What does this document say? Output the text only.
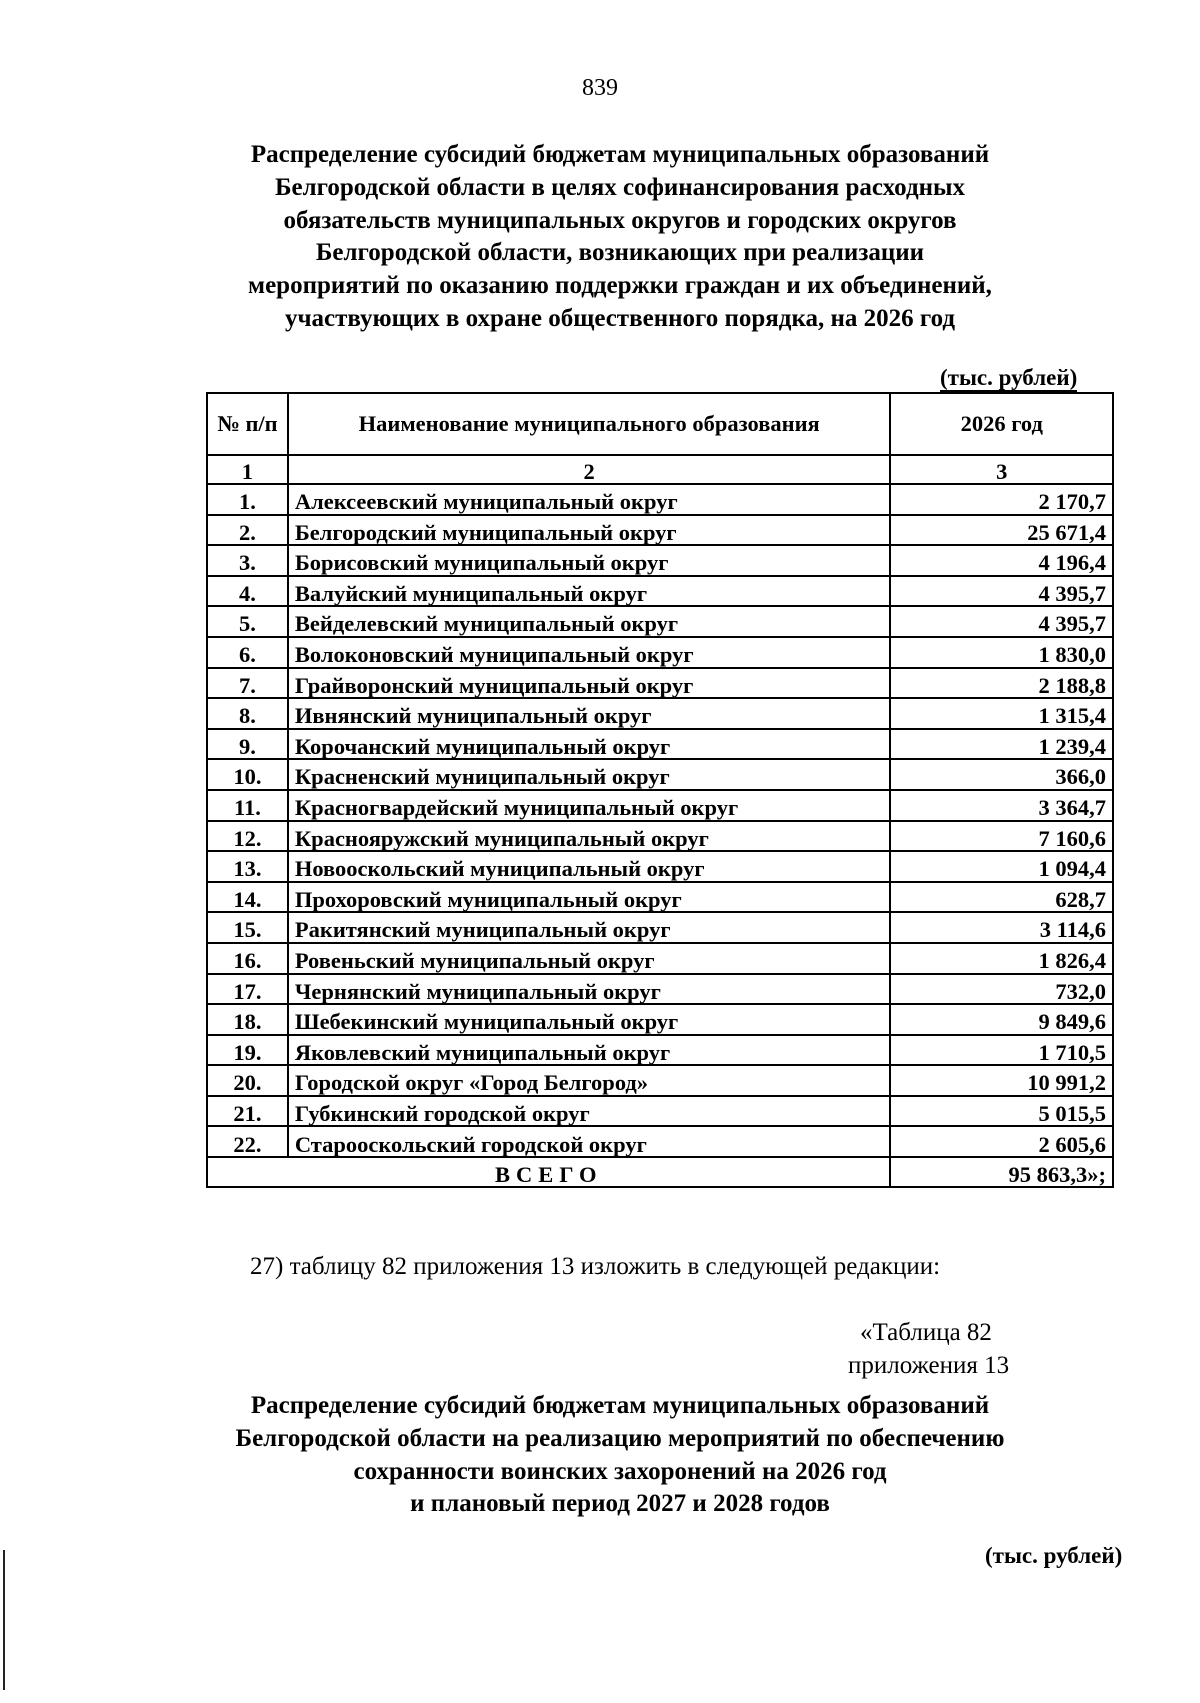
839
Распределение субсидий бюджетам муниципальных образований
Белгородской области в целях софинансирования расходных
обязательств муниципальных округов и городских округов
Белгородской области, возникающих при реализации
мероприятий по оказанию поддержки граждан и их объединений,
участвующих в охране общественного порядка, на 2026 год
(тыс. рублей)
№ п/п	Наименование муниципального образования	2026 год
1	2	3
1.	Алексеевский муниципальный округ	2 170,7
2.	Белгородский муниципальный округ	25 671,4
3.	Борисовский муниципальный округ	4 196,4
4.	Валуйский муниципальный округ	4 395,7
5.	Вейделевский муниципальный округ	4 395,7
6.	Волоконовский муниципальный округ	1 830,0
7.	Грайворонский муниципальный округ	2 188,8
8.	Ивнянский муниципальный округ	1 315,4
9.	Корочанский муниципальный округ	1 239,4
10.	Красненский муниципальный округ	366,0
11.	Красногвардейский муниципальный округ	3 364,7
12.	Краснояружский муниципальный округ	7 160,6
13.	Новооскольский муниципальный округ	1 094,4
14.	Прохоровский муниципальный округ	628,7
15.	Ракитянский муниципальный округ	3 114,6
16.	Ровеньский муниципальный округ	1 826,4
17.	Чернянский муниципальный округ	732,0
18.	Шебекинский муниципальный округ	9 849,6
19.	Яковлевский муниципальный округ	1 710,5
20.	Городской округ «Город Белгород»	10 991,2
21.	Губкинский городской округ	5 015,5
22.	Старооскольский городской округ	2 605,6
ВСЕГО		95 863,3»;
27) таблицу 82 приложения 13 изложить в следующей редакции:
«Таблица 82
приложения 13
Распределение субсидий бюджетам муниципальных образований
Белгородской области на реализацию мероприятий по обеспечению
сохранности воинских захоронений на 2026 год
и плановый период 2027 и 2028 годов
(тыс. рублей)
